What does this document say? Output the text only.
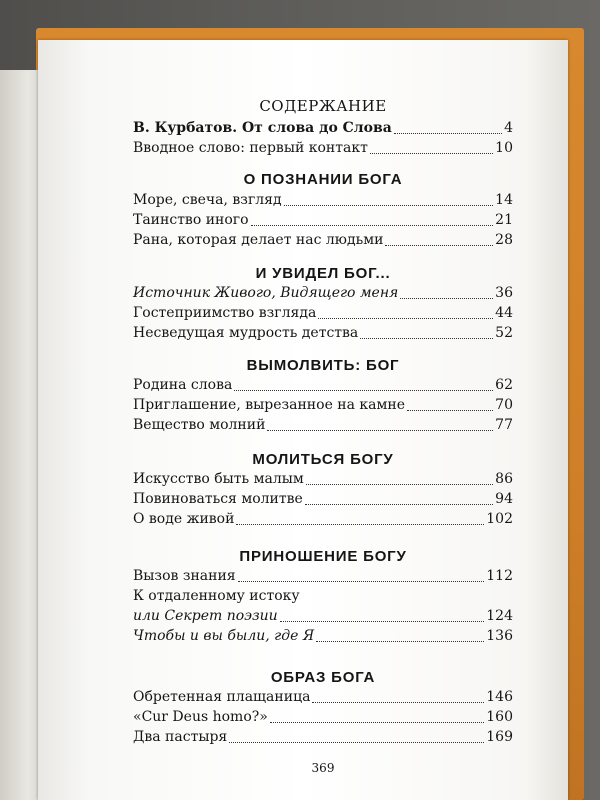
СОДЕРЖАНИЕ
В. Курбатов. От слова до Слова	4
Вводное слово: первый контакт	10
О ПОЗНАНИИ БОГА
Море, свеча, взгляд	14
Таинство иного	21
Рана, которая делает нас людьми	28
И УВИДЕЛ БОГ...
Источник Живого, Видящего меня	36
Гостеприимство взгляда	44
Несведущая мудрость детства	52
ВЫМОЛВИТЬ: БОГ
Родина слова	62
Приглашение, вырезанное на камне	70
Вещество молний	77
МОЛИТЬСЯ БОГУ
Искусство быть малым	86
Повиноваться молитве	94
О воде живой	102
ПРИНОШЕНИЕ БОГУ
Вызов знания	112
К отдаленному истоку
или Секрет поэзии	124
Чтобы и вы были, где Я	136
ОБРАЗ БОГА
Обретенная плащаница	146
«Cur Deus homo?»	160
Два пастыря	169
369
